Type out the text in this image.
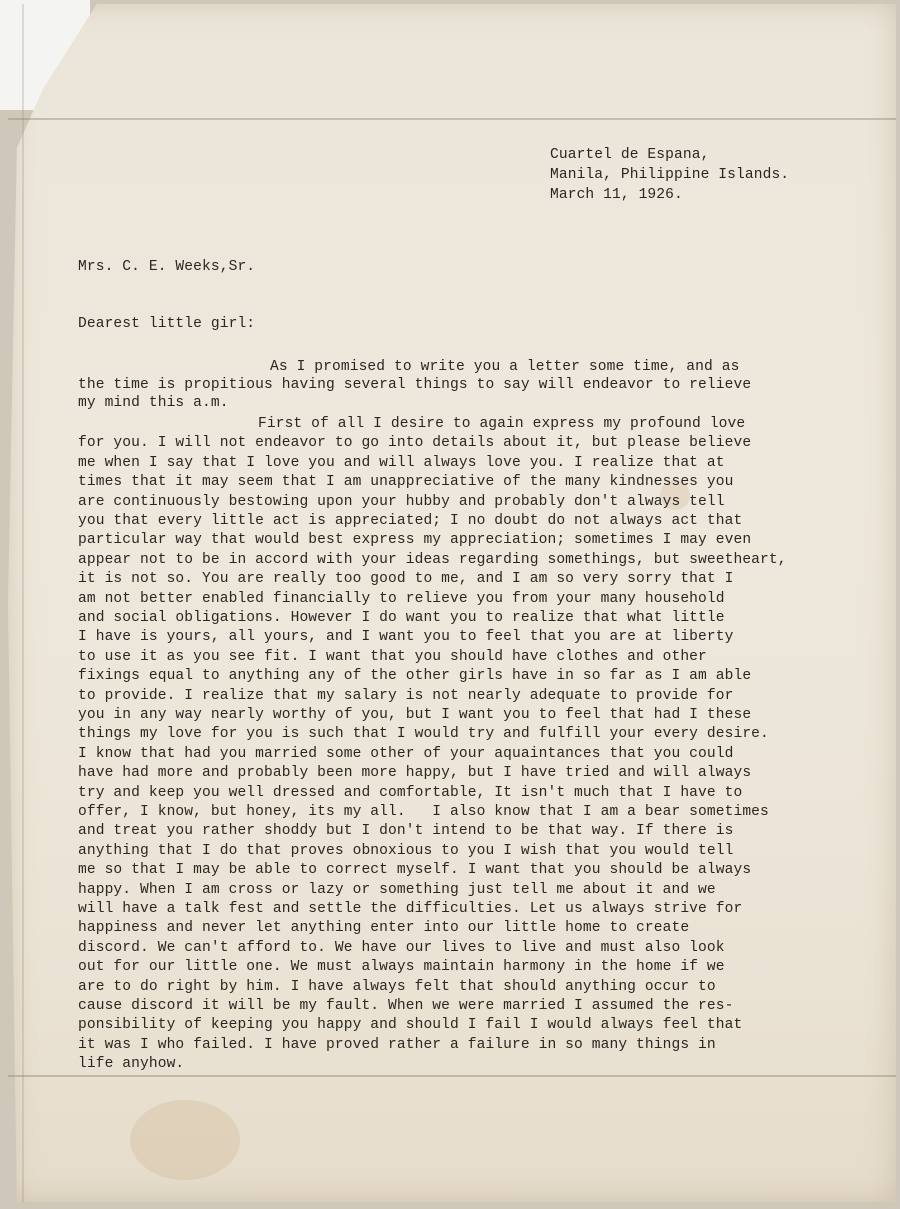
Cuartel de Espana,
Manila, Philippine Islands.
March 11, 1926.
Mrs. C. E. Weeks,Sr.
Dearest little girl:
As I promised to write you a letter some time, and as
the time is propitious having several things to say will endeavor to relieve
my mind this a.m.
First of all I desire to again express my profound love
for you. I will not endeavor to go into details about it, but please believe
me when I say that I love you and will always love you. I realize that at
times that it may seem that I am unappreciative of the many kindnesses you
are continuously bestowing upon your hubby and probably don't always tell
you that every little act is appreciated; I no doubt do not always act that
particular way that would best express my appreciation; sometimes I may even
appear not to be in accord with your ideas regarding somethings, but sweetheart,
it is not so. You are really too good to me, and I am so very sorry that I
am not better enabled financially to relieve you from your many household
and social obligations. However I do want you to realize that what little
I have is yours, all yours, and I want you to feel that you are at liberty
to use it as you see fit. I want that you should have clothes and other
fixings equal to anything any of the other girls have in so far as I am able
to provide. I realize that my salary is not nearly adequate to provide for
you in any way nearly worthy of you, but I want you to feel that had I these
things my love for you is such that I would try and fulfill your every desire.
I know that had you married some other of your aquaintances that you could
have had more and probably been more happy, but I have tried and will always
try and keep you well dressed and comfortable, It isn't much that I have to
offer, I know, but honey, its my all.   I also know that I am a bear sometimes
and treat you rather shoddy but I don't intend to be that way. If there is
anything that I do that proves obnoxious to you I wish that you would tell
me so that I may be able to correct myself. I want that you should be always
happy. When I am cross or lazy or something just tell me about it and we
will have a talk fest and settle the difficulties. Let us always strive for
happiness and never let anything enter into our little home to create
discord. We can't afford to. We have our lives to live and must also look
out for our little one. We must always maintain harmony in the home if we
are to do right by him. I have always felt that should anything occur to
cause discord it will be my fault. When we were married I assumed the res-
ponsibility of keeping you happy and should I fail I would always feel that
it was I who failed. I have proved rather a failure in so many things in
life anyhow.
